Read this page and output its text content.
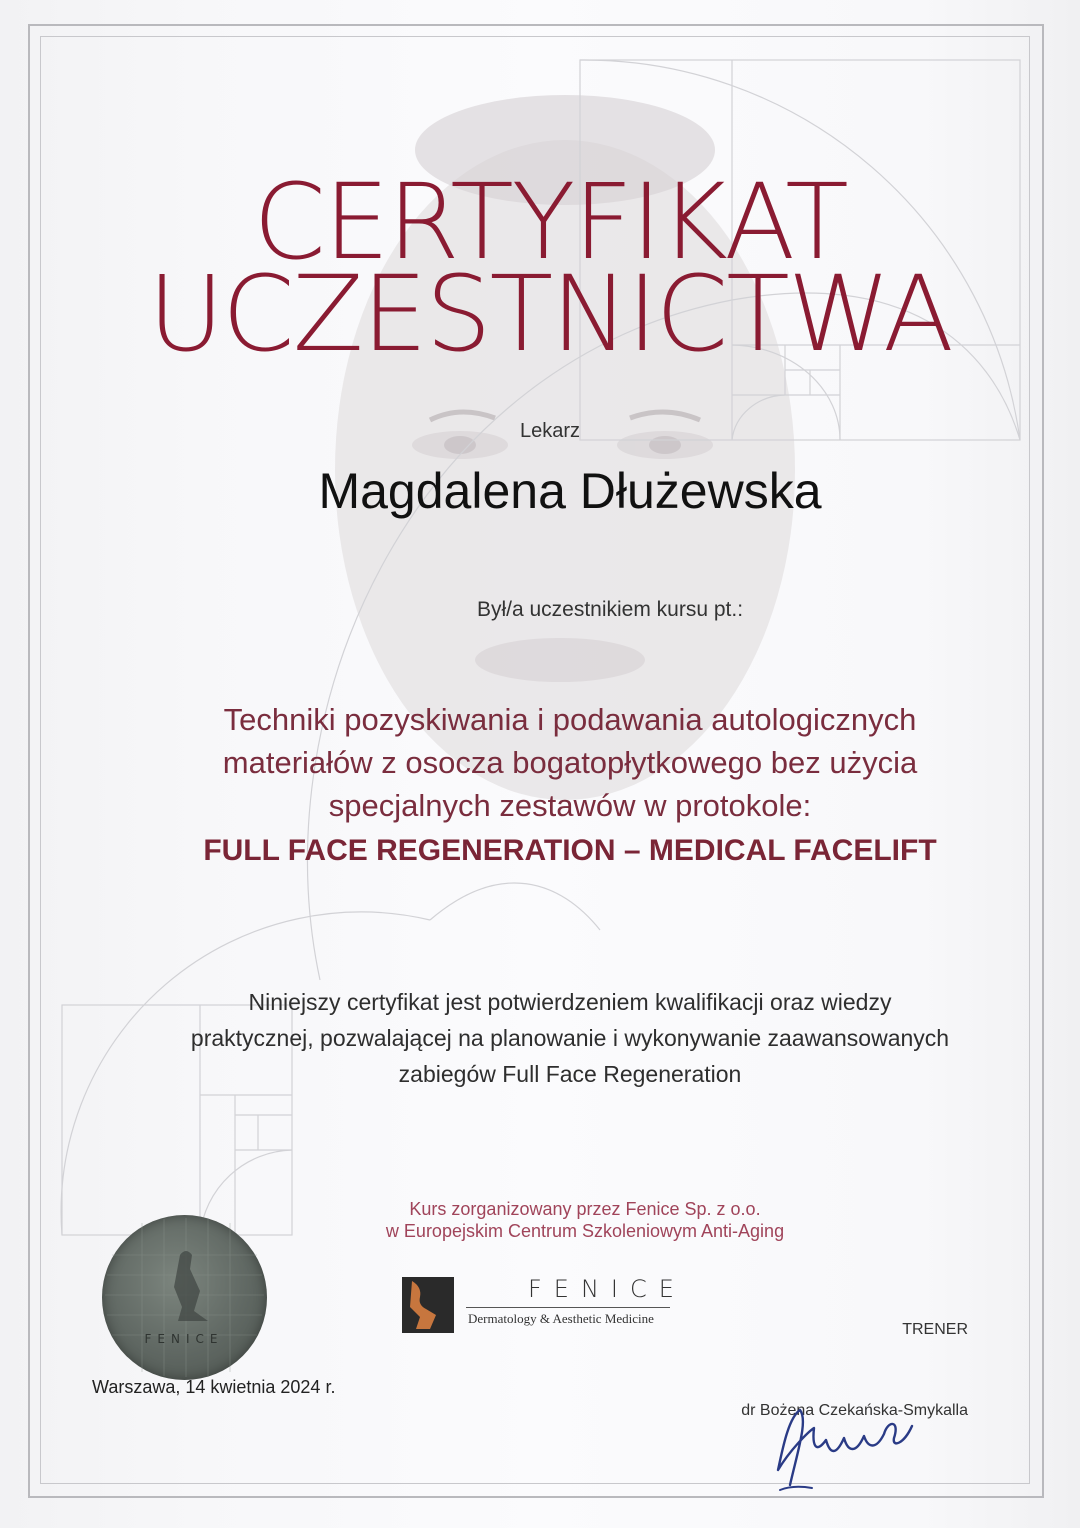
CERTYFIKAT
UCZESTNICTWA
Lekarz
Magdalena Dłużewska
Był/a uczestnikiem kursu pt.:
Techniki pozyskiwania i podawania autologicznych
materiałów z osocza bogatopłytkowego bez użycia
specjalnych zestawów w protokole:
FULL FACE REGENERATION – MEDICAL FACELIFT
Niniejszy certyfikat jest potwierdzeniem kwalifikacji oraz wiedzy
praktycznej, pozwalającej na planowanie i wykonywanie zaawansowanych
zabiegów Full Face Regeneration
Kurs zorganizowany przez Fenice Sp. z o.o.
w Europejskim Centrum Szkoleniowym Anti-Aging
FENICE
FENICE
Dermatology & Aesthetic Medicine
TRENER
Warszawa, 14 kwietnia 2024 r.
dr Bożena Czekańska-Smykalla
